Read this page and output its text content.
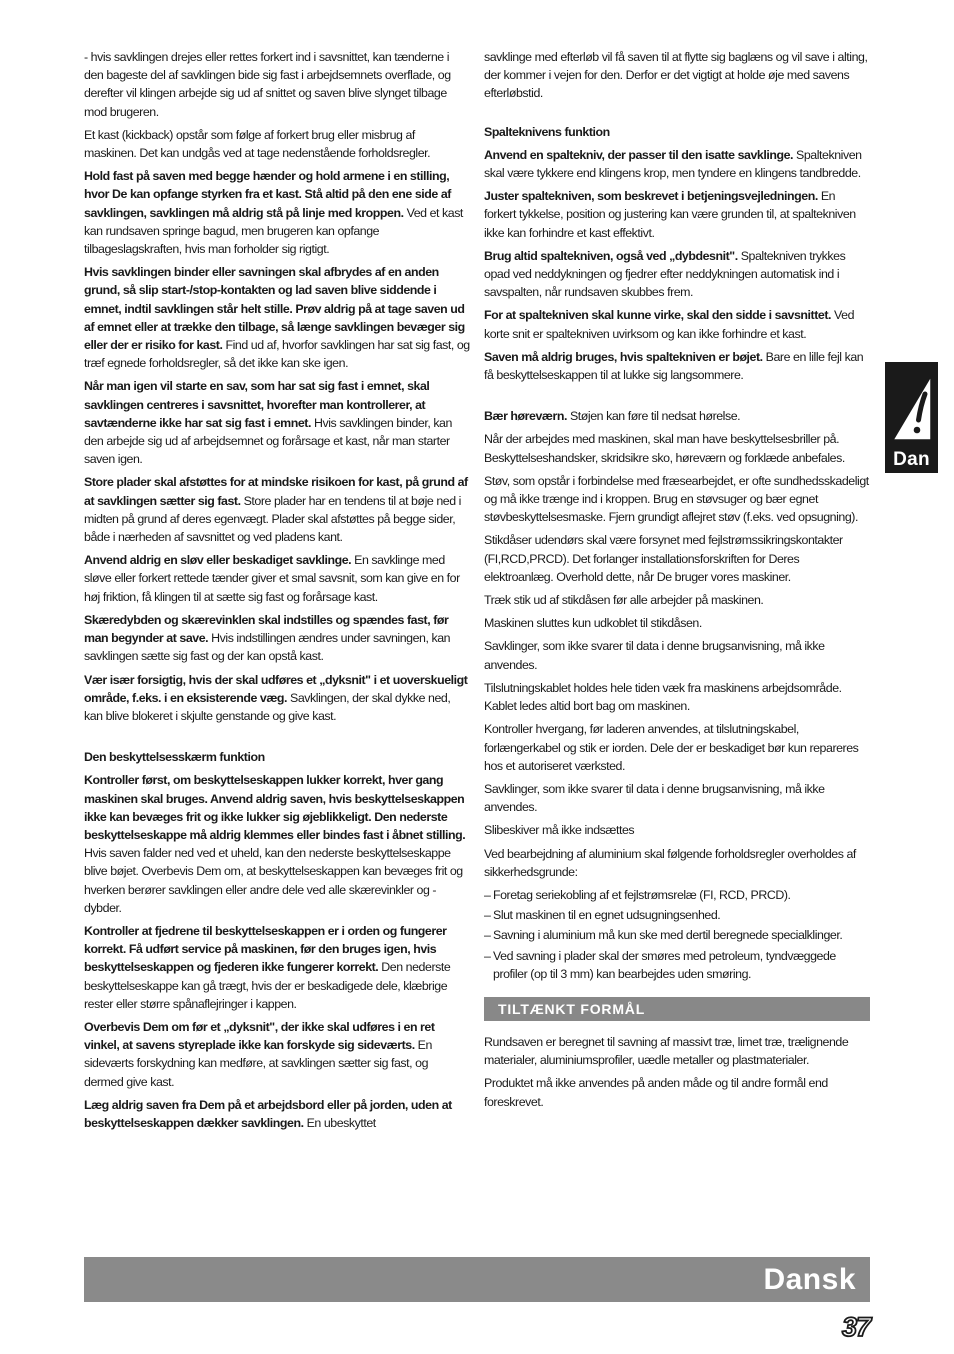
- hvis savklingen drejes eller rettes forkert ind i savsnittet, kan tænderne i den bageste del af savklingen bide sig fast i arbejdsemnets overflade, og derefter vil klingen arbejde sig ud af snittet og saven blive slynget tilbage mod brugeren.

Et kast (kickback) opstår som følge af forkert brug eller misbrug af maskinen. Det kan undgås ved at tage nedenstående forholdsregler.

Hold fast på saven med begge hænder og hold armene i en stilling, hvor De kan opfange styrken fra et kast. Stå altid på den ene side af savklingen, savklingen må aldrig stå på linje med kroppen. Ved et kast kan rundsaven springe bagud, men brugeren kan opfange tilbageslagskraften, hvis man forholder sig rigtigt.

Hvis savklingen binder eller savningen skal afbrydes af en anden grund, så slip start-/stop-kontakten og lad saven blive siddende i emnet, indtil savklingen står helt stille. Prøv aldrig på at tage saven ud af emnet eller at trække den tilbage, så længe savklingen bevæger sig eller der er risiko for kast. Find ud af, hvorfor savklingen har sat sig fast, og træf egnede forholdsregler, så det ikke kan ske igen.

Når man igen vil starte en sav, som har sat sig fast i emnet, skal savklingen centreres i savsnittet, hvorefter man kontrollerer, at savtænderne ikke har sat sig fast i emnet. Hvis savklingen binder, kan den arbejde sig ud af arbejdsemnet og forårsage et kast, når man starter saven igen.

Store plader skal afstøttes for at mindske risikoen for kast, på grund af at savklingen sætter sig fast. Store plader har en tendens til at bøje ned i midten på grund af deres egenvægt. Plader skal afstøttes på begge sider, både i nærheden af savsnittet og ved pladens kant.

Anvend aldrig en sløv eller beskadiget savklinge. En savklinge med sløve eller forkert rettede tænder giver et smal savsnit, som kan give en for høj friktion, få klingen til at sætte sig fast og forårsage kast.

Skæredybden og skærevinklen skal indstilles og spændes fast, før man begynder at save. Hvis indstillingen ændres under savningen, kan savklingen sætte sig fast og der kan opstå kast.

Vær især forsigtig, hvis der skal udføres et „dyksnit" i et uoverskueligt område, f.eks. i en eksisterende væg. Savklingen, der skal dykke ned, kan blive blokeret i skjulte genstande og give kast.

Den beskyttelsesskærm funktion

Kontroller først, om beskyttelseskappen lukker korrekt, hver gang maskinen skal bruges. Anvend aldrig saven, hvis beskyttelseskappen ikke kan bevæges frit og ikke lukker sig øjeblikkeligt. Den nederste beskyttelseskappe må aldrig klemmes eller bindes fast i åbnet stilling. Hvis saven falder ned ved et uheld, kan den nederste beskyttelseskappe blive bøjet. Overbevis Dem om, at beskyttelseskappen kan bevæges frit og hverken berører savklingen eller andre dele ved alle skærevinkler og -dybder.

Kontroller at fjedrene til beskyttelseskappen er i orden og fungerer korrekt. Få udført service på maskinen, før den bruges igen, hvis beskyttelseskappen og fjederen ikke fungerer korrekt. Den nederste beskyttelseskappe kan gå trægt, hvis der er beskadigede dele, klæbrige rester eller større spånaflejringer i kappen.

Overbevis Dem om før et „dyksnit", der ikke skal udføres i en ret vinkel, at savens styreplade ikke kan forskyde sig sideværts. En sideværts forskydning kan medføre, at savklingen sætter sig fast, og dermed give kast.

Læg aldrig saven fra Dem på et arbejdsbord eller på jorden, uden at beskyttelseskappen dækker savklingen. En ubeskyttet

savklinge med efterløb vil få saven til at flytte sig baglæns og vil save i alting, der kommer i vejen for den. Derfor er det vigtigt at holde øje med savens efterløbstid.

Spalteknivens funktion

Anvend en spaltekniv, der passer til den isatte savklinge. Spaltekniven skal være tykkere end klingens krop, men tyndere en klingens tandbredde.

Juster spaltekniven, som beskrevet i betjeningsvejledningen. En forkert tykkelse, position og justering kan være grunden til, at spaltekniven ikke kan forhindre et kast effektivt.

Brug altid spaltekniven, også ved „dybdesnit". Spaltekniven trykkes opad ved neddykningen og fjedrer efter neddykningen automatisk ind i savspalten, når rundsaven skubbes frem.

For at spaltekniven skal kunne virke, skal den sidde i savsnittet. Ved korte snit er spaltekniven uvirksom og kan ikke forhindre et kast.

Saven må aldrig bruges, hvis spaltekniven er bøjet. Bare en lille fejl kan få beskyttelseskappen til at lukke sig langsommere.

Bær høreværn. Støjen kan føre til nedsat hørelse.

Når der arbejdes med maskinen, skal man have beskyttelsesbriller på. Beskyttelseshandsker, skridsikre sko, høreværn og forklæde anbefales.

Støv, som opstår i forbindelse med fræsearbejdet, er ofte sundhedsskadeligt og må ikke trænge ind i kroppen. Brug en støvsuger og bær egnet støvbeskyttelsesmaske. Fjern grundigt aflejret støv (f.eks. ved opsugning).

Stikdåser udendørs skal være forsynet med fejlstrømssikringskontakter (FI,RCD,PRCD). Det forlanger installationsforskriften for Deres elektroanlæg. Overhold dette, når De bruger vores maskiner.

Træk stik ud af stikdåsen før alle arbejder på maskinen.

Maskinen sluttes kun udkoblet til stikdåsen.

Savklinger, som ikke svarer til data i denne brugsanvisning, må ikke anvendes.

Tilslutningskablet holdes hele tiden væk fra maskinens arbejdsområde. Kablet ledes altid bort bag om maskinen.

Kontroller hvergang, før laderen anvendes, at tilslutningskabel, forlængerkabel og stik er iorden. Dele der er beskadiget bør kun repareres hos et autoriseret værksted.

Savklinger, som ikke svarer til data i denne brugsanvisning, må ikke anvendes.

Slibeskiver må ikke indsættes

Ved bearbejdning af aluminium skal følgende forholdsregler overholdes af sikkerhedsgrunde:

– Foretag seriekobling af et fejlstrømsrelæ (FI, RCD, PRCD).
– Slut maskinen til en egnet udsugningsenhed.
– Savning i aluminium må kun ske med dertil beregnede specialklinger.
– Ved savning i plader skal der smøres med petroleum, tyndvæggede profiler (op til 3 mm) kan bearbejdes uden smøring.
TILTÆNKT FORMÅL

Rundsaven er beregnet til savning af massivt træ, limet træ, trælignende materialer, aluminiumsprofiler, uædle metaller og plastmaterialer.

Produktet må ikke anvendes på anden måde og til andre formål end foreskrevet.

Dan
Dansk
37
